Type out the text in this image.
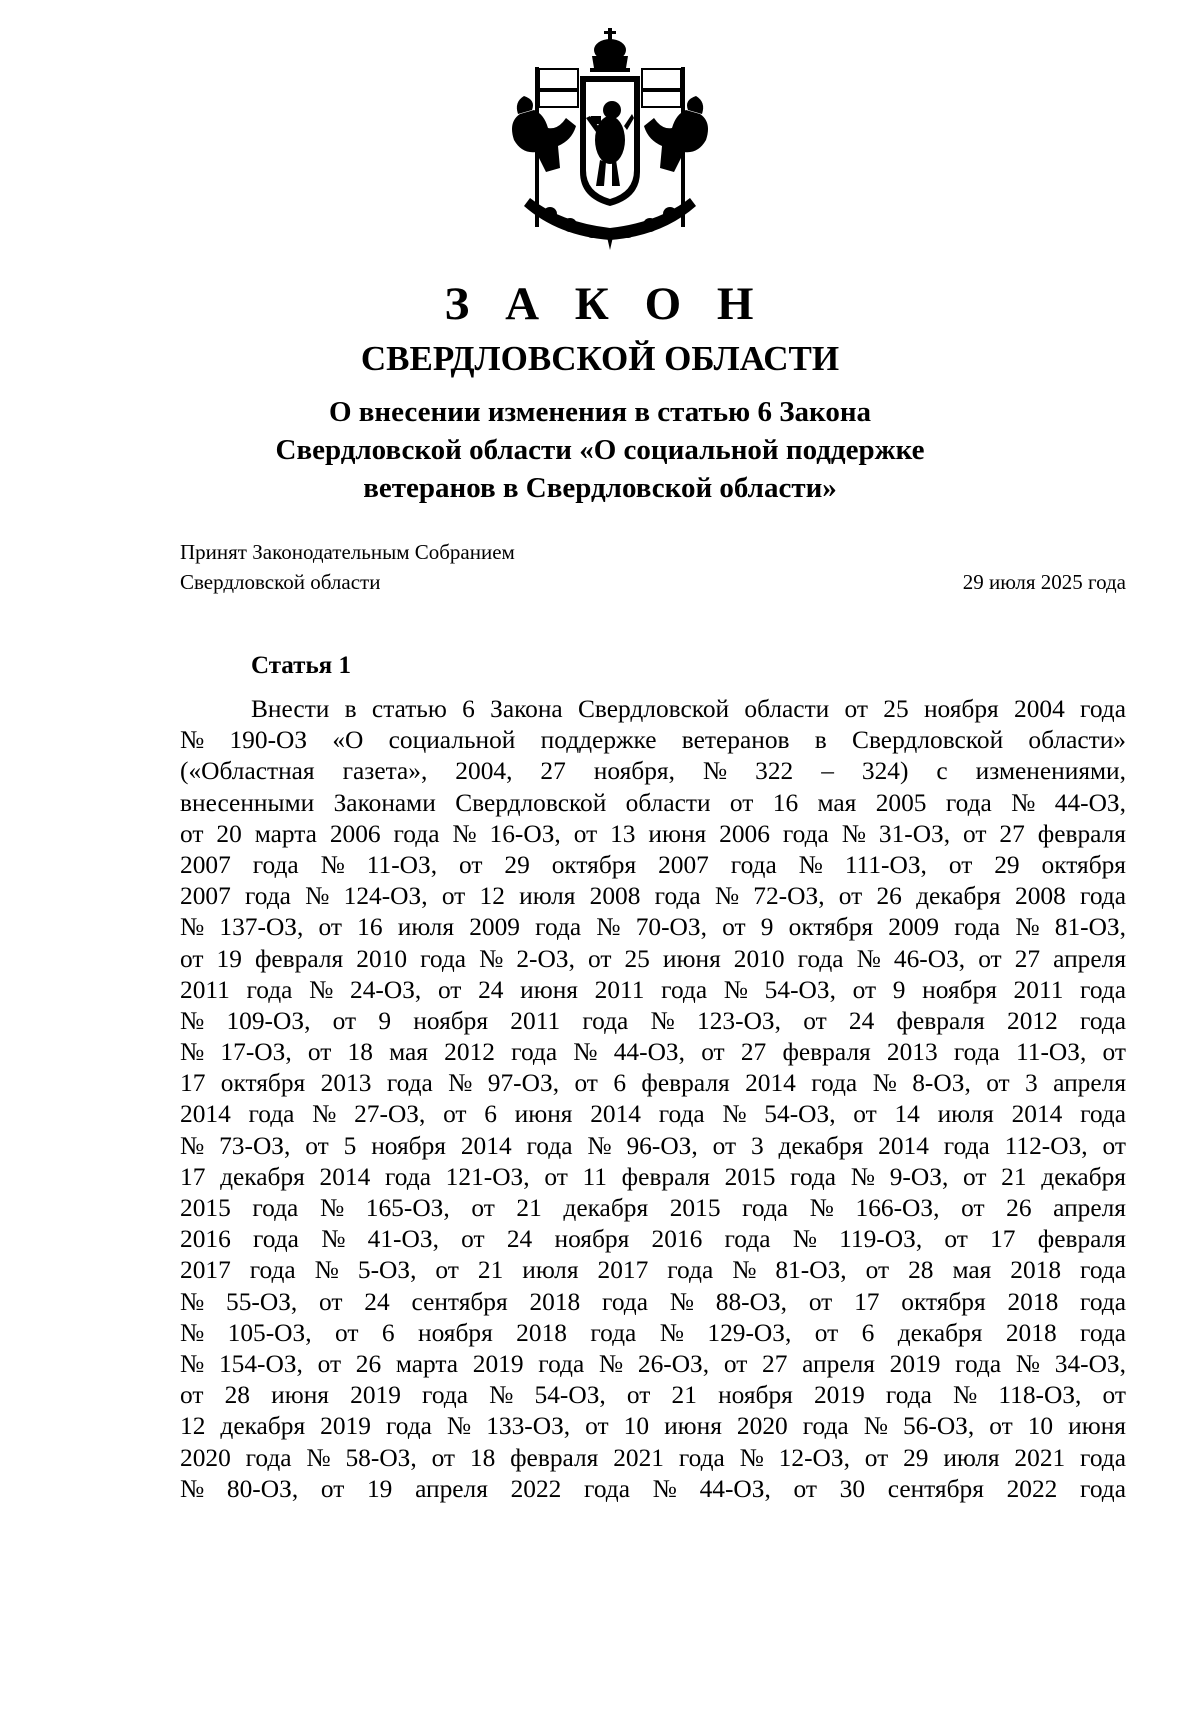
З А К О Н
СВЕРДЛОВСКОЙ ОБЛАСТИ
О внесении изменения в статью 6 Закона
Свердловской области «О социальной поддержке
ветеранов в Свердловской области»
Принят Законодательным Собранием
Свердловской области	29 июля 2025 года
Статья 1
Внести в статью 6 Закона Свердловской области от 25 ноября 2004 года
№ 190-ОЗ «О социальной поддержке ветеранов в Свердловской области»
(«Областная газета», 2004, 27 ноября, № 322 – 324) с изменениями,
внесенными Законами Свердловской области от 16 мая 2005 года № 44-ОЗ,
от 20 марта 2006 года № 16-ОЗ, от 13 июня 2006 года № 31-ОЗ, от 27 февраля
2007 года № 11-ОЗ, от 29 октября 2007 года № 111-ОЗ, от 29 октября
2007 года № 124-ОЗ, от 12 июля 2008 года № 72-ОЗ, от 26 декабря 2008 года
№ 137-ОЗ, от 16 июля 2009 года № 70-ОЗ, от 9 октября 2009 года № 81-ОЗ,
от 19 февраля 2010 года № 2-ОЗ, от 25 июня 2010 года № 46-ОЗ, от 27 апреля
2011 года № 24-ОЗ, от 24 июня 2011 года № 54-ОЗ, от 9 ноября 2011 года
№ 109-ОЗ, от 9 ноября 2011 года № 123-ОЗ, от 24 февраля 2012 года
№ 17-ОЗ, от 18 мая 2012 года № 44-ОЗ, от 27 февраля 2013 года 11-ОЗ, от
17 октября 2013 года № 97-ОЗ, от 6 февраля 2014 года № 8-ОЗ, от 3 апреля
2014 года № 27-ОЗ, от 6 июня 2014 года № 54-ОЗ, от 14 июля 2014 года
№ 73-ОЗ, от 5 ноября 2014 года № 96-ОЗ, от 3 декабря 2014 года 112-ОЗ, от
17 декабря 2014 года 121-ОЗ, от 11 февраля 2015 года № 9-ОЗ, от 21 декабря
2015 года № 165-ОЗ, от 21 декабря 2015 года № 166-ОЗ, от 26 апреля
2016 года № 41-ОЗ, от 24 ноября 2016 года № 119-ОЗ, от 17 февраля
2017 года № 5-ОЗ, от 21 июля 2017 года № 81-ОЗ, от 28 мая 2018 года
№ 55-ОЗ, от 24 сентября 2018 года № 88-ОЗ, от 17 октября 2018 года
№ 105-ОЗ, от 6 ноября 2018 года № 129-ОЗ, от 6 декабря 2018 года
№ 154-ОЗ, от 26 марта 2019 года № 26-ОЗ, от 27 апреля 2019 года № 34-ОЗ,
от 28 июня 2019 года № 54-ОЗ, от 21 ноября 2019 года № 118-ОЗ, от
12 декабря 2019 года № 133-ОЗ, от 10 июня 2020 года № 56-ОЗ, от 10 июня
2020 года № 58-ОЗ, от 18 февраля 2021 года № 12-ОЗ, от 29 июля 2021 года
№ 80-ОЗ, от 19 апреля 2022 года № 44-ОЗ, от 30 сентября 2022 года
